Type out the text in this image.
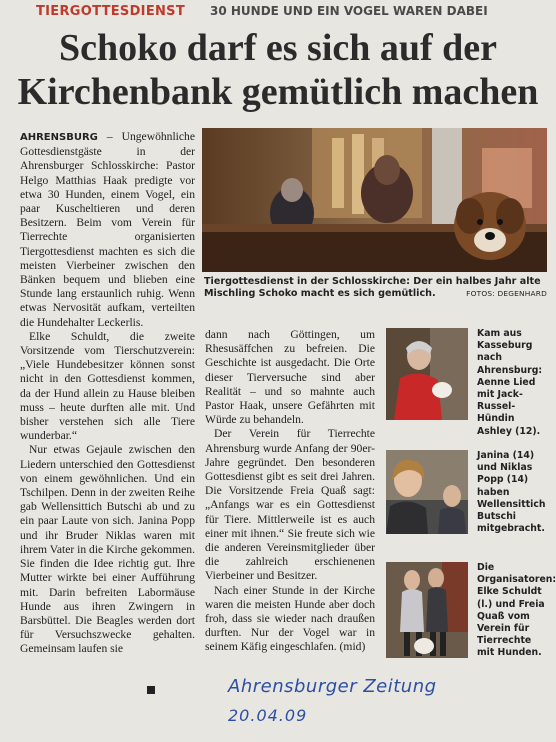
TIERGOTTESDIENST 30 HUNDE UND EIN VOGEL WAREN DABEI
Schoko darf es sich auf der
Kirchenbank gemütlich machen

AHRENSBURG – Ungewöhnliche Gottesdienstgäste in der Ahrensburger Schlosskirche: Pastor Helgo Matthias Haak predigte vor etwa 30 Hunden, einem Vogel, ein paar Kuscheltieren und deren Besitzern. Beim vom Verein für Tierrechte organisierten Tiergottesdienst machten es sich die meisten Vierbeiner zwischen den Bänken bequem und blieben eine Stunde lang erstaunlich ruhig. Wenn etwas Nervosität aufkam, verteilten die Hundehalter Leckerlis.

Elke Schuldt, die zweite Vorsitzende vom Tierschutzverein: „Viele Hundebesitzer können sonst nicht in den Gottesdienst kommen, da der Hund allein zu Hause bleiben muss – heute durften alle mit. Und bisher verstehen sich alle Tiere wunderbar.“

Nur etwas Gejaule zwischen den Liedern unterschied den Gottesdienst von einem gewöhnlichen. Und ein Tschilpen. Denn in der zweiten Reihe gab Wellensittich Butschi ab und zu ein paar Laute von sich. Janina Popp und ihr Bruder Niklas waren mit ihrem Vater in die Kirche gekommen. Sie finden die Idee richtig gut. Ihre Mutter wirkte bei einer Aufführung mit. Darin befreiten Labormäuse Hunde aus ihren Zwingern in Barsbüttel. Die Beagles werden dort für Versuchszwecke gehalten. Gemeinsam laufen sie

Tiergottesdienst in der Schlosskirche: Der ein halbes Jahr alte Mischling Schoko macht es sich gemütlich.	FOTOS: DEGENHARD

dann nach Göttingen, um Rhesusäffchen zu befreien. Die Geschichte ist ausgedacht. Die Orte dieser Tierversuche sind aber Realität – und so mahnte auch Pastor Haak, unsere Gefährten mit Würde zu behandeln.

Der Verein für Tierrechte Ahrensburg wurde Anfang der 90er-Jahre gegründet. Den besonderen Gottesdienst gibt es seit drei Jahren. Die Vorsitzende Freia Quaß sagt: „Anfangs war es ein Gottesdienst für Tiere. Mittlerweile ist es auch einer mit ihnen.“ Sie freute sich wie die anderen Vereinsmitglieder über die zahlreich erschienenen Vierbeiner und Besitzer.

Nach einer Stunde in der Kirche waren die meisten Hunde aber doch froh, dass sie wieder nach draußen durften. Nur der Vogel war in seinem Käfig eingeschlafen. (mid)

Kam aus Kasseburg nach Ahrensburg: Aenne Lied mit Jack-Russel-Hündin Ashley (12).
Janina (14) und Niklas Popp (14) haben Wellensittich Butschi mitgebracht.
Die Organisatoren: Elke Schuldt (l.) und Freia Quaß vom Verein für Tierrechte mit Hunden.
Ahrensburger Zeitung
20.04.09
